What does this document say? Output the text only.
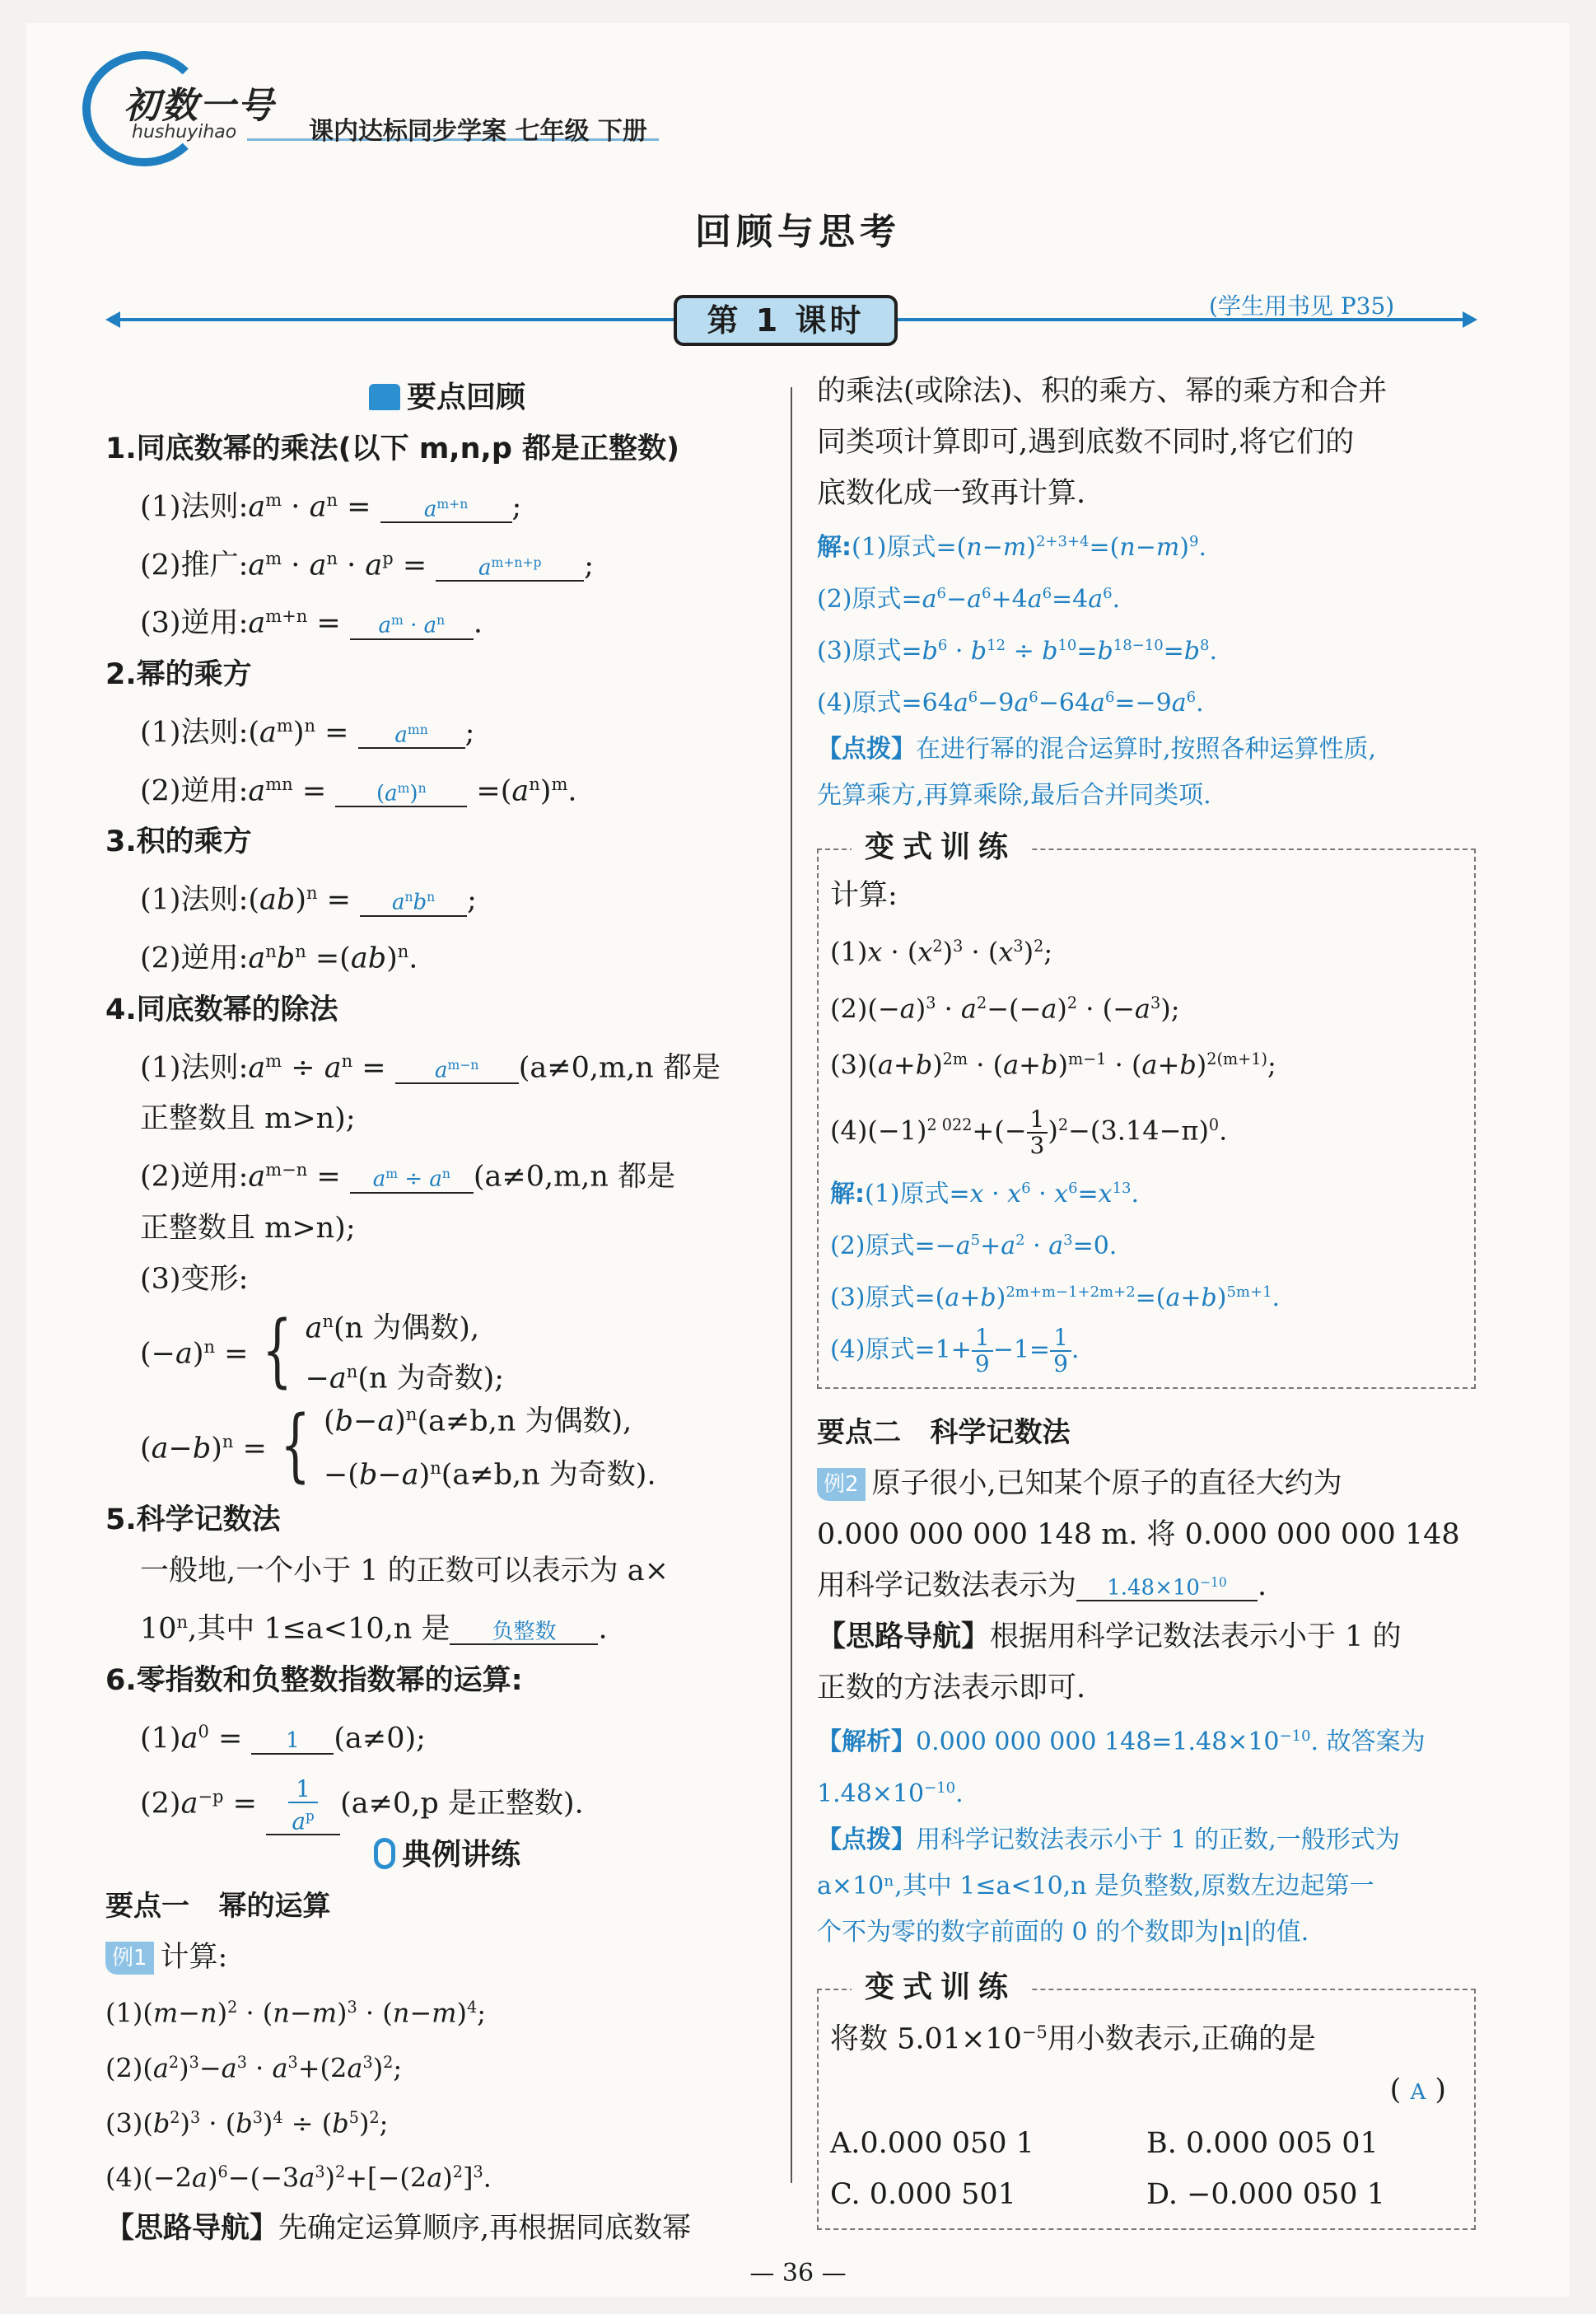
初数一号
hushuyihao	课内达标同步学案 七年级 下册
回顾与思考
第 1 课时	(学生用书见 P35)
要点回顾
1.同底数幂的乘法(以下 m,n,p 都是正整数)
(1)法则$:a^m \cdot a^n = a^{m+n}$ ;
(2)推广$:a^m \cdot a^n \cdot a^p = a^{m+n+p}$ ;
(3)逆用$:a^{m+n} = a^m \cdot a^n$ .
2.幂的乘方
(1)法则$:(a^m)^n = a^{mn}$ ;
(2)逆用$:a^{mn} = (a^m)^n =(a^n)^m$.
3.积的乘方
(1)法则:(ab)$^n$ = $a^nb^n$ ;
(2)逆用$:a^nb^n =(ab)^n$.
4.同底数幂的除法
(1)法则$:a^m \div a^n = a^{m-n}$ (a≠0,m,n 都是
正整数且 m>n);
(2)逆用$:a^{m-n} = a^m \div a^n$ (a≠0,m,n 都是
正整数且 m>n);
(3)变形:
$(-a)^n$ = { $a^n(n$ 为偶数),
$-a^n(n$ 为奇数);
$(a-b)^n$ = { $(b-a)^n(a\ne b,n$ 为偶数),
$-(b-a)^n(a\ne b,n$ 为奇数).
5.科学记数法
一般地,一个小于 1 的正数可以表示为 a×
$10^n$,其中 1≤a<10,n 是 负整数 .
6.零指数和负整数指数幂的运算:
$(1)a^0 = 1$ (a≠0);
$(2)a^{-p} = \frac{1}{a^p} (a\ne 0,p$ 是正整数).
典例讲练
要点一 幂的运算
例1 计算:
$(1)(m-n)^2 \cdot (n-m)^3 \cdot (n-m)^4$;
$(2)(a^2)^3-a^3 \cdot a^3+(2a^3)^2$;
$(3)(b^2)^3 \cdot (b^3)^4 \div (b^5)^2$;
$(4)(-2a)^6-(-3a^3)^2+[-(2a)^2]^3$.
【思路导航】先确定运算顺序,再根据同底数幂
的乘法(或除法)、积的乘方、幂的乘方和合并
同类项计算即可,遇到底数不同时,将它们的
底数化成一致再计算.
解:(1)原式$=(n-m)^{2+3+4}=(n-m)^9$.
(2)原式$=a^6-a^6+4a^6=4a^6$.
(3)原式$=b^6 \cdot b^{12} \div b^{10}=b^{18-10}=b^8$.
(4)原式$=64a^6-9a^6-64a^6=-9a^6$.
【点拨】在进行幂的混合运算时,按照各种运算性质,
先算乘方,再算乘除,最后合并同类项.
变式训练
计算:
$(1)x \cdot (x^2)^3 \cdot (x^3)^2$;
$(2)(-a)^3 \cdot a^2-(-a)^2 \cdot (-a^3)$;
$(3)(a+b)^{2m} \cdot (a+b)^{m-1} \cdot (a+b)^{2(m+1)}$;
$(4)(-1)^{2 022}+(- \frac{1}{3} )^2-(3.14-\pi)^0$.
解:(1)原式$=x \cdot x^6 \cdot x^6=x^{13}$.
(2)原式$=-a^5+a^2 \cdot a^3=0$.
(3)原式$=(a+b)^{2m+m-1+2m+2}=(a+b)^{5m+1}$.
(4)原式$=1+ \frac{1}{9} -1= \frac{1}{9}$ .
要点二 科学记数法
例2 原子很小,已知某个原子的直径大约为
0.000 000 000 148 m. 将 0.000 000 000 148
用科学记数法表示为 $1.48\times 10^{-10}$ .
【思路导航】根据用科学记数法表示小于 1 的
正数的方法表示即可.
【解析】0.000 000 000 $148=1.48\times 10^{-10}$. 故答案为
$1.48\times 10^{-10}$.
【点拨】用科学记数法表示小于 1 的正数,一般形式为
a×10ⁿ,其中 1≤a<10,n 是负整数,原数左边起第一
个不为零的数字前面的 0 的个数即为|n|的值.
变式训练
将数 $5.01\times 10^{-5}$用小数表示,正确的是
( A )
A.0.000 050 1	B. 0.000 005 01
C. 0.000 501	D. −0.000 050 1
— 36 —
